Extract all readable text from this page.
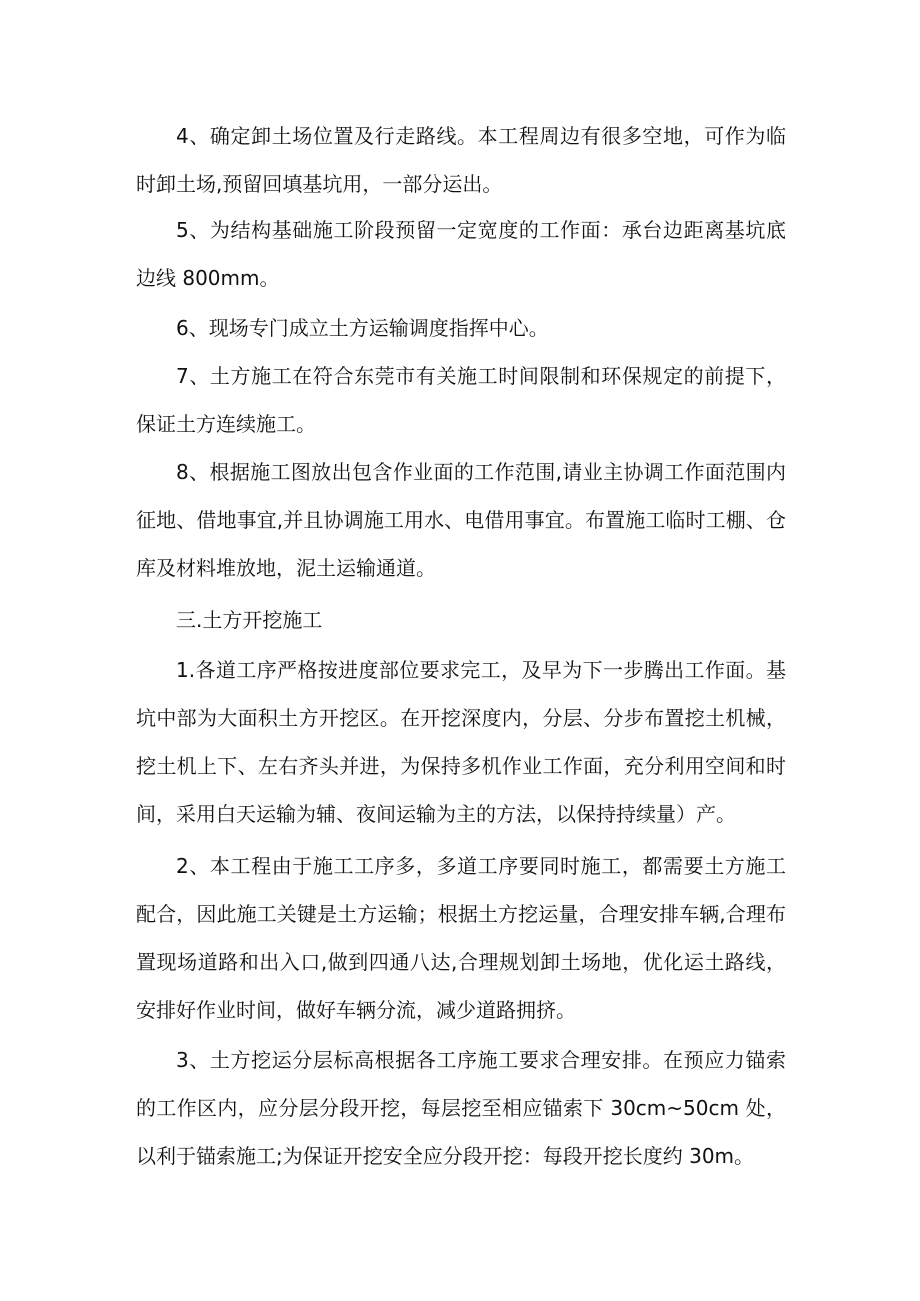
4、确定卸土场位置及行走路线。本工程周边有很多空地，可作为临时卸土场,预留回填基坑用，一部分运出。

5、为结构基础施工阶段预留一定宽度的工作面：承台边距离基坑底边线 800mm。

6、现场专门成立土方运输调度指挥中心。

7、土方施工在符合东莞市有关施工时间限制和环保规定的前提下，保证土方连续施工。

8、根据施工图放出包含作业面的工作范围,请业主协调工作面范围内征地、借地事宜,并且协调施工用水、电借用事宜。布置施工临时工棚、仓库及材料堆放地，泥土运输通道。

三.土方开挖施工

1.各道工序严格按进度部位要求完工，及早为下一步腾出工作面。基坑中部为大面积土方开挖区。在开挖深度内，分层、分步布置挖土机械，挖土机上下、左右齐头并进，为保持多机作业工作面，充分利用空间和时间，采用白天运输为辅、夜间运输为主的方法，以保持持续量）产。

2、本工程由于施工工序多，多道工序要同时施工，都需要土方施工配合，因此施工关键是土方运输；根据土方挖运量，合理安排车辆,合理布置现场道路和出入口,做到四通八达,合理规划卸土场地，优化运土路线，安排好作业时间，做好车辆分流，减少道路拥挤。

3、土方挖运分层标高根据各工序施工要求合理安排。在预应力锚索的工作区内，应分层分段开挖，每层挖至相应锚索下 30cm~50cm 处，以利于锚索施工;为保证开挖安全应分段开挖：每段开挖长度约 30m。
